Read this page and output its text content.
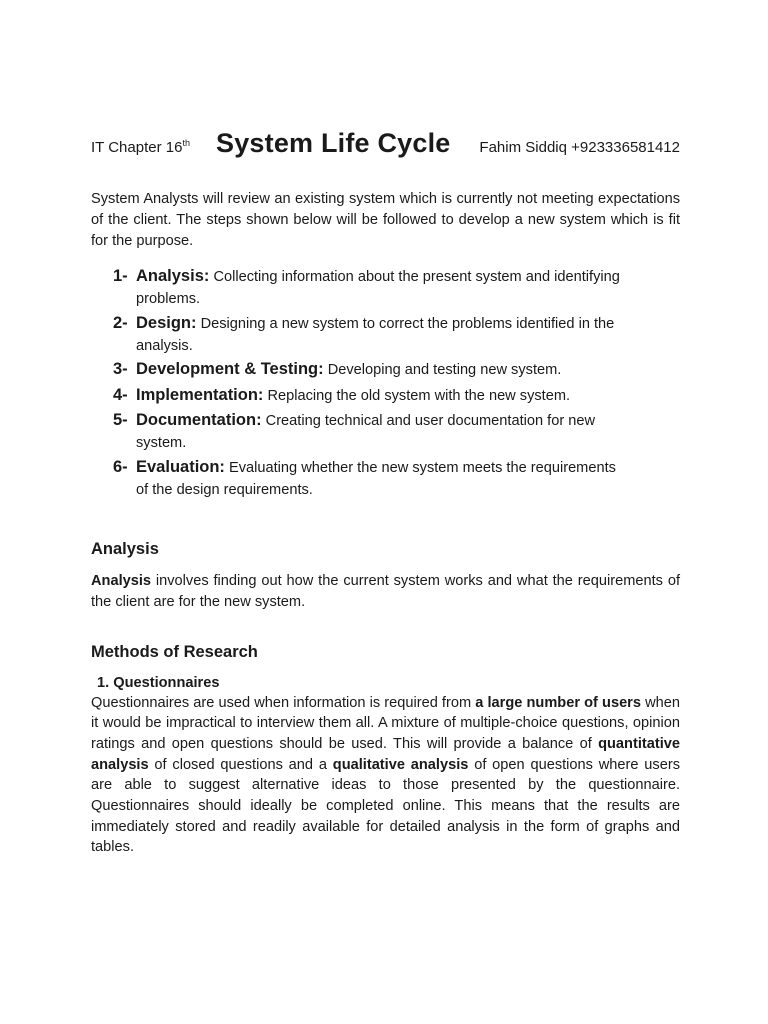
IT Chapter 16th System Life Cycle	Fahim Siddiq +923336581412

System Analysts will review an existing system which is currently not meeting expectations of the client. The steps shown below will be followed to develop a new system which is fit for the purpose.

1- Analysis: Collecting information about the present system and identifying
problems.
2- Design: Designing a new system to correct the problems identified in the
analysis.
3- Development & Testing: Developing and testing new system.
4- Implementation: Replacing the old system with the new system.
5- Documentation: Creating technical and user documentation for new
system.
6- Evaluation: Evaluating whether the new system meets the requirements
of the design requirements.
Analysis

Analysis involves finding out how the current system works and what the requirements of the client are for the new system.

Methods of Research
1. Questionnaires

Questionnaires are used when information is required from a large number of users when it would be impractical to interview them all. A mixture of multiple-choice questions, opinion ratings and open questions should be used. This will provide a balance of quantitative analysis of closed questions and a qualitative analysis of open questions where users are able to suggest alternative ideas to those presented by the questionnaire. Questionnaires should ideally be completed online. This means that the results are immediately stored and readily available for detailed analysis in the form of graphs and tables.
